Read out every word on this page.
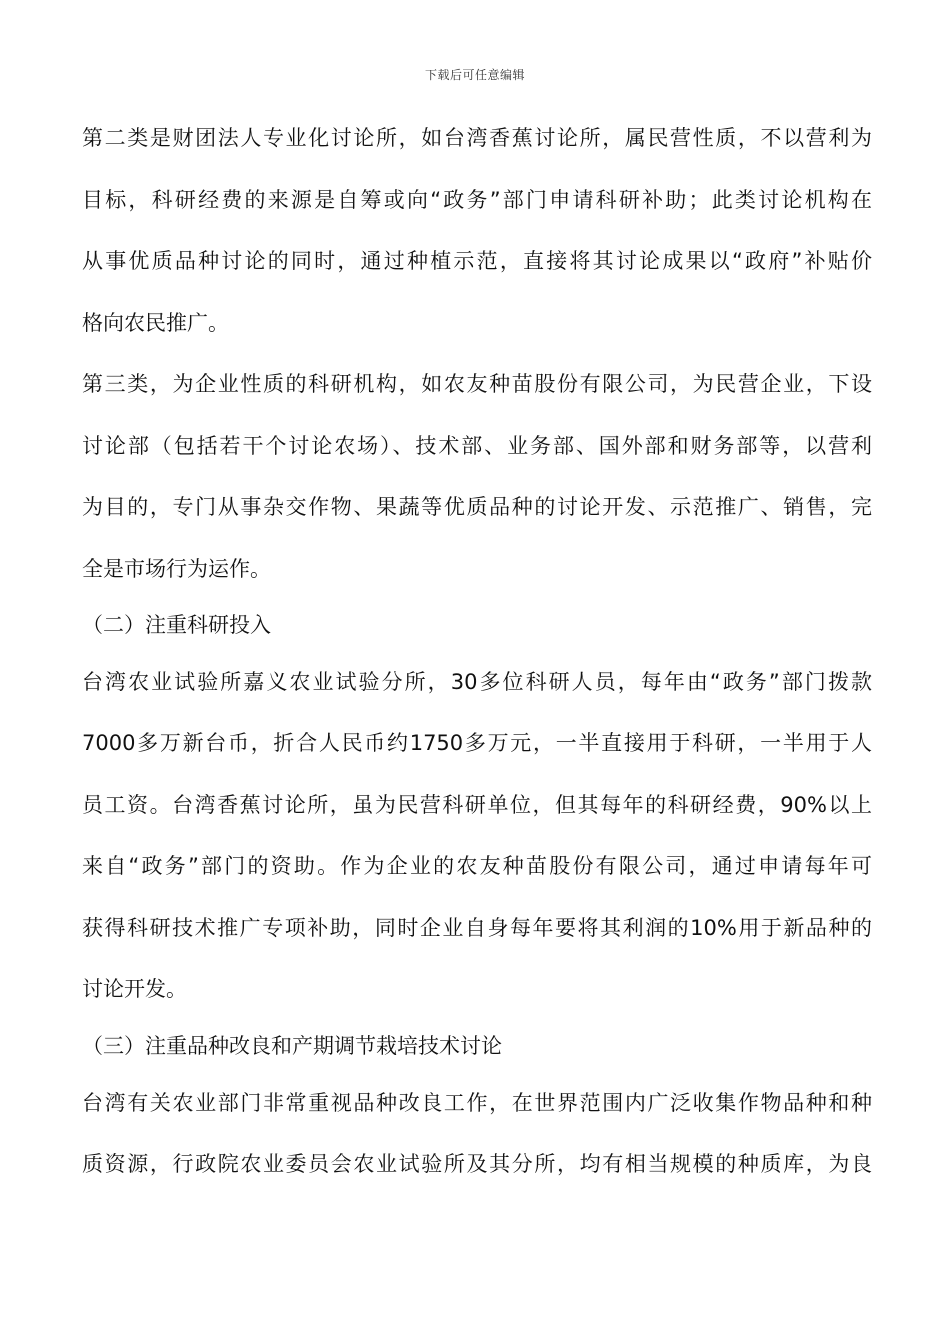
下载后可任意编辑
第二类是财团法人专业化讨论所，如台湾香蕉讨论所，属民营性质，不以营利为
目标，科研经费的来源是自筹或向“政务”部门申请科研补助；此类讨论机构在
从事优质品种讨论的同时，通过种植示范，直接将其讨论成果以“政府”补贴价
格向农民推广。
第三类，为企业性质的科研机构，如农友种苗股份有限公司，为民营企业，下设
讨论部（包括若干个讨论农场）、技术部、业务部、国外部和财务部等，以营利
为目的，专门从事杂交作物、果蔬等优质品种的讨论开发、示范推广、销售，完
全是市场行为运作。
（二）注重科研投入
台湾农业试验所嘉义农业试验分所，30多位科研人员，每年由“政务”部门拨款
7000多万新台币，折合人民币约1750多万元，一半直接用于科研，一半用于人
员工资。台湾香蕉讨论所，虽为民营科研单位，但其每年的科研经费，90%以上
来自“政务”部门的资助。作为企业的农友种苗股份有限公司，通过申请每年可
获得科研技术推广专项补助，同时企业自身每年要将其利润的10%用于新品种的
讨论开发。
（三）注重品种改良和产期调节栽培技术讨论
台湾有关农业部门非常重视品种改良工作，在世界范围内广泛收集作物品种和种
质资源，行政院农业委员会农业试验所及其分所，均有相当规模的种质库，为良
